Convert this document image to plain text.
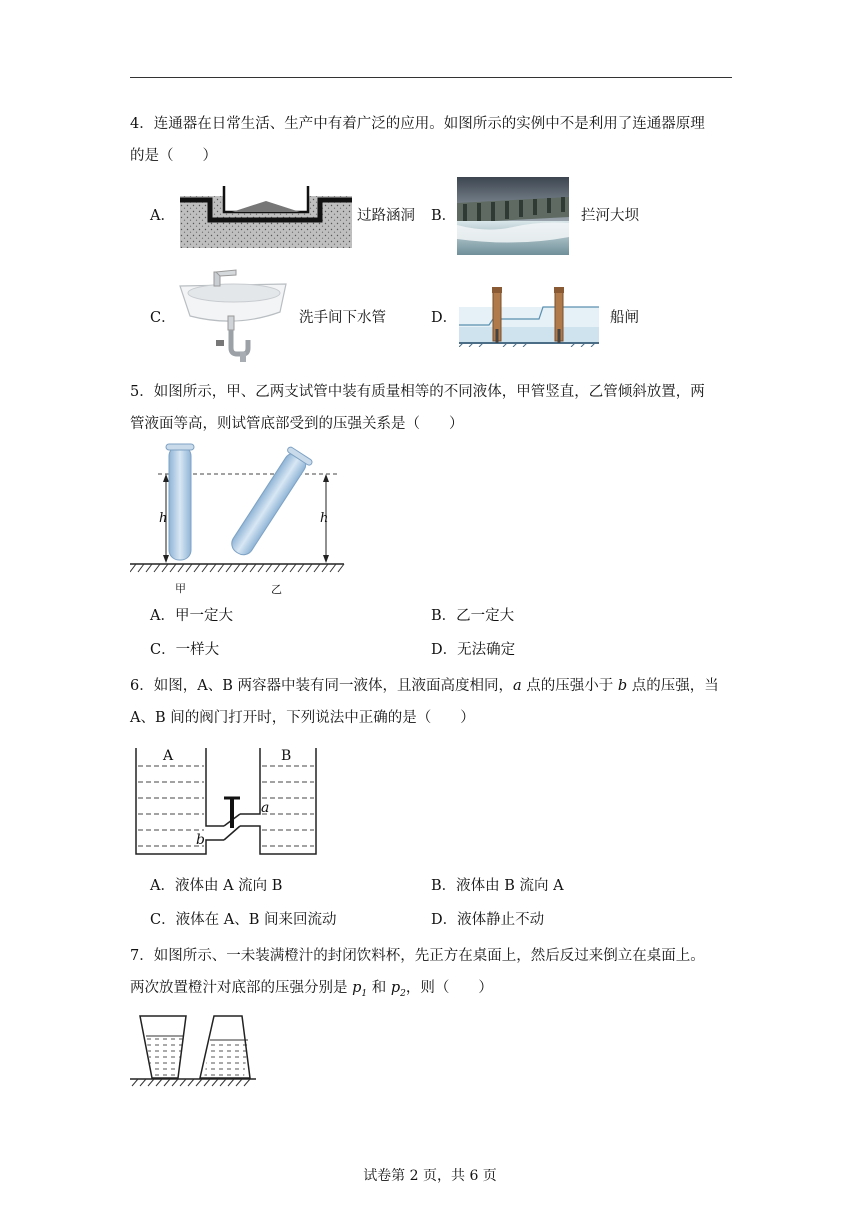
4．连通器在日常生活、生产中有着广泛的应用。如图所示的实例中不是利用了连通器原理
的是（　　）
A．	过路涵洞 B．	拦河大坝
C．	洗手间下水管	D．	船闸
5．如图所示，甲、乙两支试管中装有质量相等的不同液体，甲管竖直，乙管倾斜放置，两
管液面等高，则试管底部受到的压强关系是（　　）
h	h
甲	乙
A．甲一定大	B．乙一定大
C．一样大	D．无法确定
6．如图，A、B 两容器中装有同一液体，且液面高度相同，a 点的压强小于 b 点的压强，当
A、B 间的阀门打开时，下列说法中正确的是（　　）
A	B
a
b
A．液体由 A 流向 B	B．液体由 B 流向 A
C．液体在 A、B 间来回流动	D．液体静止不动
7．如图所示、一未装满橙汁的封闭饮料杯，先正方在桌面上，然后反过来倒立在桌面上。
两次放置橙汁对底部的压强分别是 $p_1$ 和 $p_2$，则（　　）
试卷第 2 页，共 6 页
